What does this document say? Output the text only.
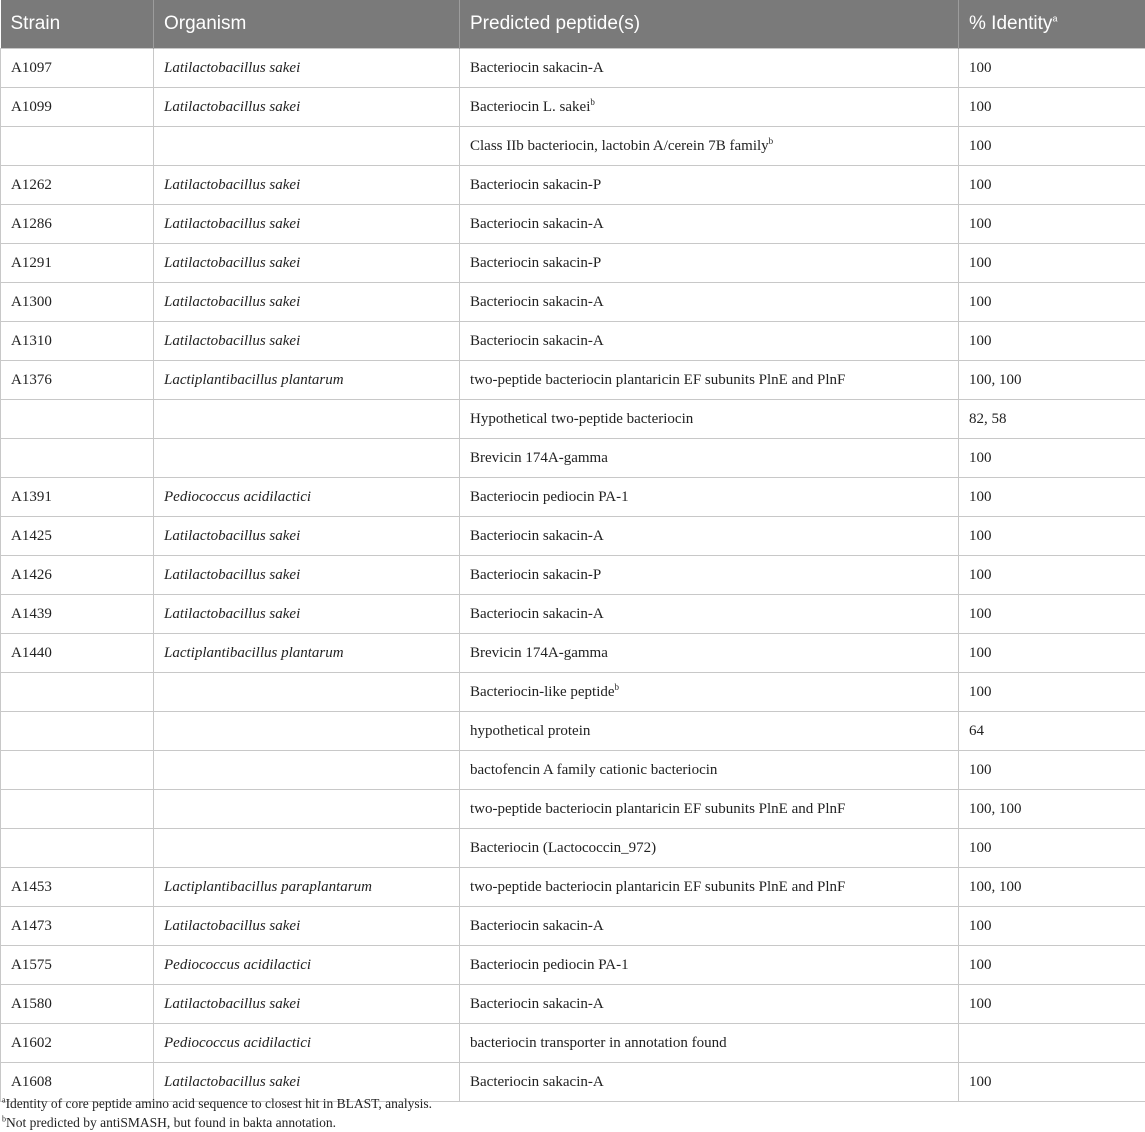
Strain	Organism	Predicted peptide(s)	% Identity$^a$
A1097	Latilactobacillus sakei	Bacteriocin sakacin-A	100
A1099	Latilactobacillus sakei	Bacteriocin L. sakei$^b$	100
		Class IIb bacteriocin, lactobin A/cerein 7B family$^b$	100
A1262	Latilactobacillus sakei	Bacteriocin sakacin-P	100
A1286	Latilactobacillus sakei	Bacteriocin sakacin-A	100
A1291	Latilactobacillus sakei	Bacteriocin sakacin-P	100
A1300	Latilactobacillus sakei	Bacteriocin sakacin-A	100
A1310	Latilactobacillus sakei	Bacteriocin sakacin-A	100
A1376	Lactiplantibacillus plantarum	two-peptide bacteriocin plantaricin EF subunits PlnE and PlnF	100, 100
		Hypothetical two-peptide bacteriocin	82, 58
		Brevicin 174A-gamma	100
A1391	Pediococcus acidilactici	Bacteriocin pediocin PA-1	100
A1425	Latilactobacillus sakei	Bacteriocin sakacin-A	100
A1426	Latilactobacillus sakei	Bacteriocin sakacin-P	100
A1439	Latilactobacillus sakei	Bacteriocin sakacin-A	100
A1440	Lactiplantibacillus plantarum	Brevicin 174A-gamma	100
		Bacteriocin-like peptide$^b$	100
		hypothetical protein	64
		bactofencin A family cationic bacteriocin	100
		two-peptide bacteriocin plantaricin EF subunits PlnE and PlnF	100, 100
		Bacteriocin (Lactococcin_972)	100
A1453	Lactiplantibacillus paraplantarum	two-peptide bacteriocin plantaricin EF subunits PlnE and PlnF	100, 100
A1473	Latilactobacillus sakei	Bacteriocin sakacin-A	100
A1575	Pediococcus acidilactici	Bacteriocin pediocin PA-1	100
A1580	Latilactobacillus sakei	Bacteriocin sakacin-A	100
A1602	Pediococcus acidilactici	bacteriocin transporter in annotation found	
A1608	Latilactobacillus sakei	Bacteriocin sakacin-A	100
$^a$Identity of core peptide amino acid sequence to closest hit in BLAST, analysis.
$^b$Not predicted by antiSMASH, but found in bakta annotation.
